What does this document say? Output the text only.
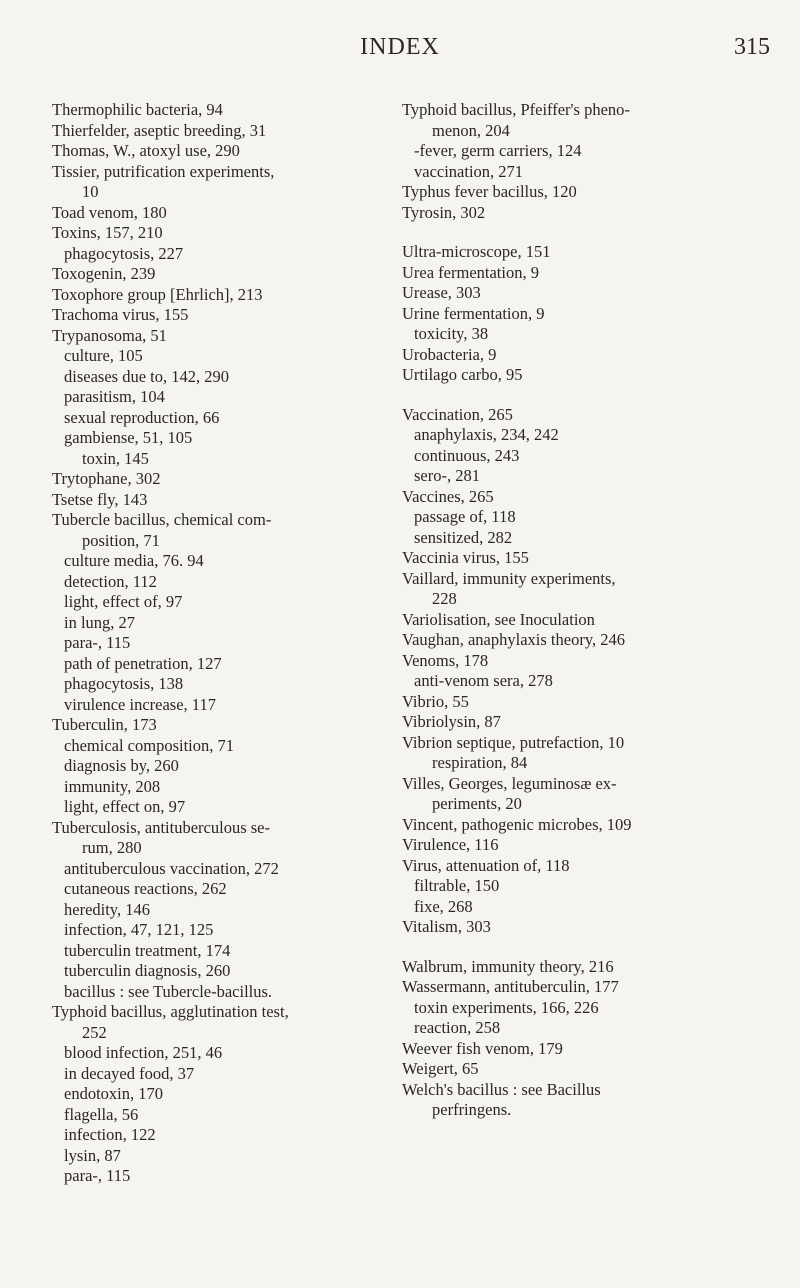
INDEX	315
Thermophilic bacteria, 94
Thierfelder, aseptic breeding, 31
Thomas, W., atoxyl use, 290
Tissier, putrification experiments,
10
Toad venom, 180
Toxins, 157, 210
phagocytosis, 227
Toxogenin, 239
Toxophore group [Ehrlich], 213
Trachoma virus, 155
Trypanosoma, 51
culture, 105
diseases due to, 142, 290
parasitism, 104
sexual reproduction, 66
gambiense, 51, 105
toxin, 145
Trytophane, 302
Tsetse fly, 143
Tubercle bacillus, chemical com-
position, 71
culture media, 76. 94
detection, 112
light, effect of, 97
in lung, 27
para-, 115
path of penetration, 127
phagocytosis, 138
virulence increase, 117
Tuberculin, 173
chemical composition, 71
diagnosis by, 260
immunity, 208
light, effect on, 97
Tuberculosis, antituberculous se-
rum, 280
antituberculous vaccination, 272
cutaneous reactions, 262
heredity, 146
infection, 47, 121, 125
tuberculin treatment, 174
tuberculin diagnosis, 260
bacillus : see Tubercle-bacillus.
Typhoid bacillus, agglutination test,
252
blood infection, 251, 46
in decayed food, 37
endotoxin, 170
flagella, 56
infection, 122
lysin, 87
para-, 115
Typhoid bacillus, Pfeiffer's pheno-
menon, 204
-fever, germ carriers, 124
vaccination, 271
Typhus fever bacillus, 120
Tyrosin, 302
Ultra-microscope, 151
Urea fermentation, 9
Urease, 303
Urine fermentation, 9
toxicity, 38
Urobacteria, 9
Urtilago carbo, 95
Vaccination, 265
anaphylaxis, 234, 242
continuous, 243
sero-, 281
Vaccines, 265
passage of, 118
sensitized, 282
Vaccinia virus, 155
Vaillard, immunity experiments,
228
Variolisation, see Inoculation
Vaughan, anaphylaxis theory, 246
Venoms, 178
anti-venom sera, 278
Vibrio, 55
Vibriolysin, 87
Vibrion septique, putrefaction, 10
respiration, 84
Villes, Georges, leguminosæ ex-
periments, 20
Vincent, pathogenic microbes, 109
Virulence, 116
Virus, attenuation of, 118
filtrable, 150
fixe, 268
Vitalism, 303
Walbrum, immunity theory, 216
Wassermann, antituberculin, 177
toxin experiments, 166, 226
reaction, 258
Weever fish venom, 179
Weigert, 65
Welch's bacillus : see Bacillus
perfringens.
